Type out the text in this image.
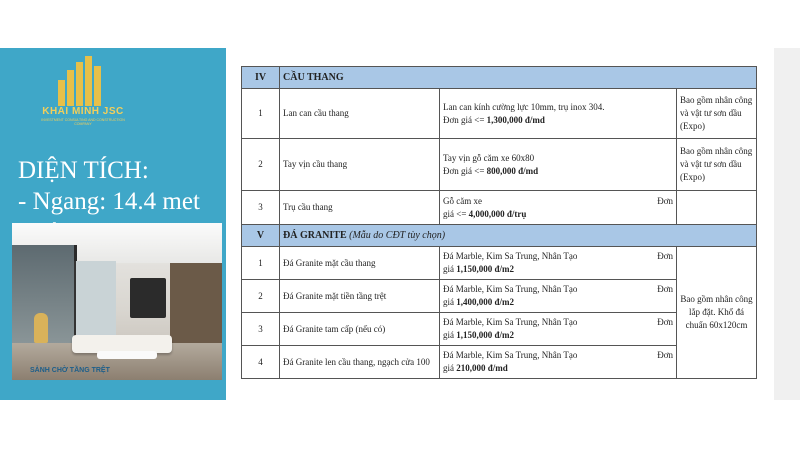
KHAI MINH JSC
INVESTMENT CONSULTING AND CONSTRUCTION COMPANY
DIỆN TÍCH:
- Ngang: 14.4 met
SẢNH CHỜ TẦNG TRỆT
IV	CẦU THANG		
1	Lan can cầu thang	Lan can kính cường lực 10mm, trụ inox 304.
Đơn giá <= 1,300,000 đ/md	Bao gồm nhân công và vật tư sơn dầu (Expo)
2	Tay vịn cầu thang	Tay vịn gỗ căm xe 60x80
Đơn giá <= 800,000 đ/md	Bao gồm nhân công và vật tư sơn dầu (Expo)
3	Trụ cầu thang	Gỗ căm xe Đơn
giá <= 4,000,000 đ/trụ	

V	ĐÁ GRANITE (Mẫu do CĐT tùy chọn)		
1	Đá Granite mặt cầu thang	Đá Marble, Kim Sa Trung, Nhân Tạo Đơn
giá 1,150,000 đ/m2	Bao gồm nhân công lắp đặt. Khổ đá chuẩn 60x120cm
2	Đá Granite mặt tiền tầng trệt	Đá Marble, Kim Sa Trung, Nhân Tạo Đơn
giá 1,400,000 đ/m2	

3	Đá Granite tam cấp (nếu có)	Đá Marble, Kim Sa Trung, Nhân Tạo Đơn
giá 1,150,000 đ/m2	

4	Đá Granite len cầu thang, ngạch cửa 100	Đá Marble, Kim Sa Trung, Nhân Tạo Đơn
giá 210,000 đ/md	
